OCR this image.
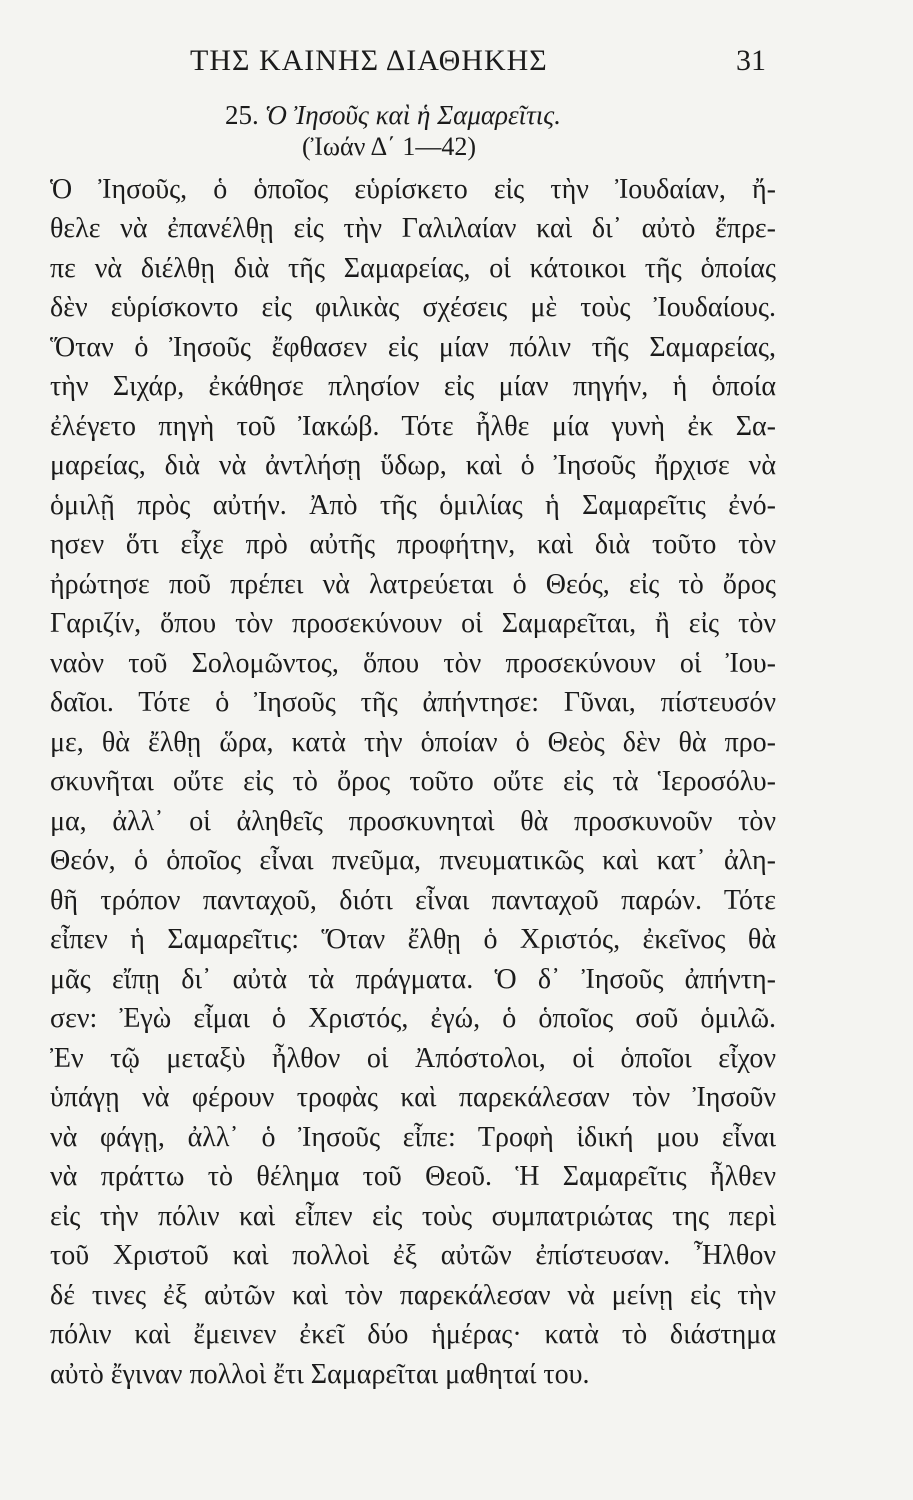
ΤΗΣ ΚΑΙΝΗΣ ΔΙΑΘΗΚΗΣ	31
25. Ὁ Ἰησοῦς καὶ ἡ Σαμαρεῖτις.
(Ἰωάν Δ΄ 1—42)
Ὁ Ἰησοῦς, ὁ ὁποῖος εὑρίσκετο εἰς τὴν Ἰουδαίαν, ἤ-
θελε νὰ ἐπανέλθῃ εἰς τὴν Γαλιλαίαν καὶ δι᾽ αὐτὸ ἔπρε-
πε νὰ διέλθῃ διὰ τῆς Σαμαρείας, οἱ κάτοικοι τῆς ὁποίας
δὲν εὑρίσκοντο εἰς φιλικὰς σχέσεις μὲ τοὺς Ἰουδαίους.
Ὅταν ὁ Ἰησοῦς ἔφθασεν εἰς μίαν πόλιν τῆς Σαμαρείας,
τὴν Σιχάρ, ἐκάθησε πλησίον εἰς μίαν πηγήν, ἡ ὁποία
ἐλέγετο πηγὴ τοῦ Ἰακώβ. Τότε ἦλθε μία γυνὴ ἐκ Σα-
μαρείας, διὰ νὰ ἀντλήσῃ ὕδωρ, καὶ ὁ Ἰησοῦς ἤρχισε νὰ
ὁμιλῇ πρὸς αὐτήν. Ἀπὸ τῆς ὁμιλίας ἡ Σαμαρεῖτις ἐνό-
ησεν ὅτι εἶχε πρὸ αὐτῆς προφήτην, καὶ διὰ τοῦτο τὸν
ἠρώτησε ποῦ πρέπει νὰ λατρεύεται ὁ Θεός, εἰς τὸ ὄρος
Γαριζίν, ὅπου τὸν προσεκύνουν οἱ Σαμαρεῖται, ἢ εἰς τὸν
ναὸν τοῦ Σολομῶντος, ὅπου τὸν προσεκύνουν οἱ Ἰου-
δαῖοι. Τότε ὁ Ἰησοῦς τῆς ἀπήντησε: Γῦναι, πίστευσόν
με, θὰ ἔλθῃ ὥρα, κατὰ τὴν ὁποίαν ὁ Θεὸς δὲν θὰ προ-
σκυνῆται οὔτε εἰς τὸ ὄρος τοῦτο οὔτε εἰς τὰ Ἱεροσόλυ-
μα, ἀλλ᾽ οἱ ἀληθεῖς προσκυνηταὶ θὰ προσκυνοῦν τὸν
Θεόν, ὁ ὁποῖος εἶναι πνεῦμα, πνευματικῶς καὶ κατ᾽ ἀλη-
θῆ τρόπον πανταχοῦ, διότι εἶναι πανταχοῦ παρών. Τότε
εἶπεν ἡ Σαμαρεῖτις: Ὅταν ἔλθῃ ὁ Χριστός, ἐκεῖνος θὰ
μᾶς εἴπῃ δι᾽ αὐτὰ τὰ πράγματα. Ὁ δ᾽ Ἰησοῦς ἀπήντη-
σεν: Ἐγὼ εἶμαι ὁ Χριστός, ἐγώ, ὁ ὁποῖος σοῦ ὁμιλῶ.
Ἐν τῷ μεταξὺ ἦλθον οἱ Ἀπόστολοι, οἱ ὁποῖοι εἶχον
ὑπάγῃ νὰ φέρουν τροφὰς καὶ παρεκάλεσαν τὸν Ἰησοῦν
νὰ φάγῃ, ἀλλ᾽ ὁ Ἰησοῦς εἶπε: Τροφὴ ἰδική μου εἶναι
νὰ πράττω τὸ θέλημα τοῦ Θεοῦ. Ἡ Σαμαρεῖτις ἦλθεν
εἰς τὴν πόλιν καὶ εἶπεν εἰς τοὺς συμπατριώτας της περὶ
τοῦ Χριστοῦ καὶ πολλοὶ ἐξ αὐτῶν ἐπίστευσαν. Ἦλθον
δέ τινες ἐξ αὐτῶν καὶ τὸν παρεκάλεσαν νὰ μείνῃ εἰς τὴν
πόλιν καὶ ἔμεινεν ἐκεῖ δύο ἡμέρας· κατὰ τὸ διάστημα
αὐτὸ ἔγιναν πολλοὶ ἔτι Σαμαρεῖται μαθηταί του.
